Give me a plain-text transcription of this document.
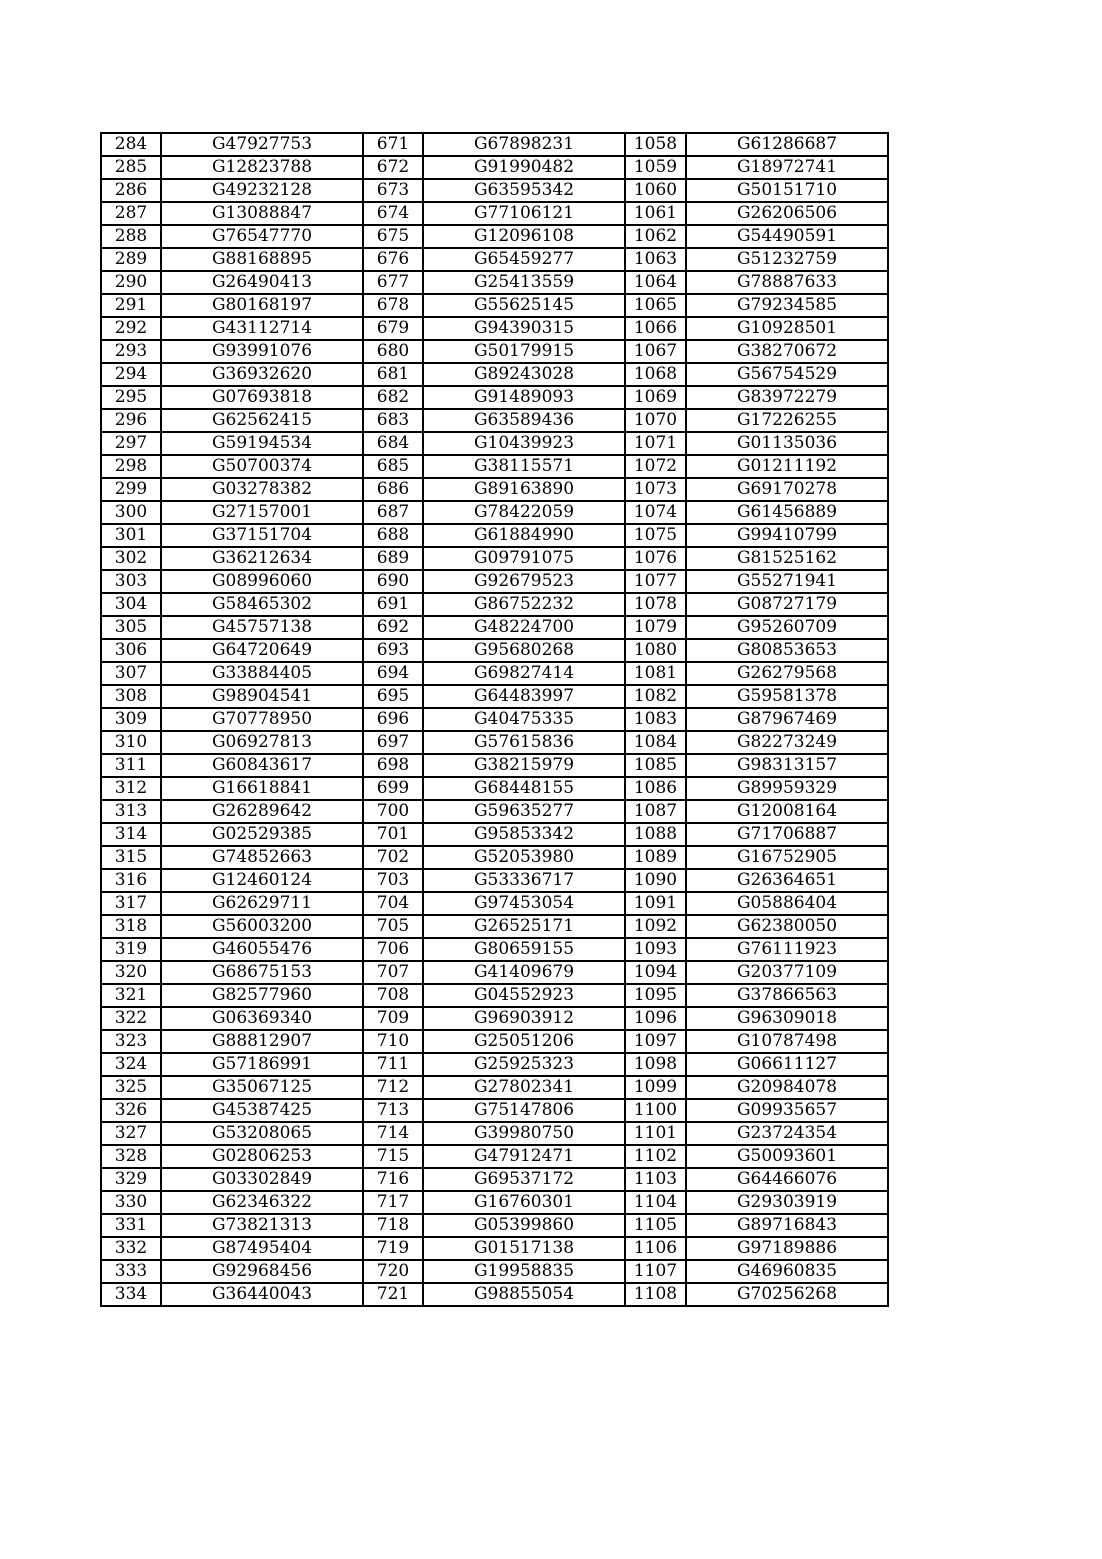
284	G47927753	671	G67898231	1058	G61286687
285	G12823788	672	G91990482	1059	G18972741
286	G49232128	673	G63595342	1060	G50151710
287	G13088847	674	G77106121	1061	G26206506
288	G76547770	675	G12096108	1062	G54490591
289	G88168895	676	G65459277	1063	G51232759
290	G26490413	677	G25413559	1064	G78887633
291	G80168197	678	G55625145	1065	G79234585
292	G43112714	679	G94390315	1066	G10928501
293	G93991076	680	G50179915	1067	G38270672
294	G36932620	681	G89243028	1068	G56754529
295	G07693818	682	G91489093	1069	G83972279
296	G62562415	683	G63589436	1070	G17226255
297	G59194534	684	G10439923	1071	G01135036
298	G50700374	685	G38115571	1072	G01211192
299	G03278382	686	G89163890	1073	G69170278
300	G27157001	687	G78422059	1074	G61456889
301	G37151704	688	G61884990	1075	G99410799
302	G36212634	689	G09791075	1076	G81525162
303	G08996060	690	G92679523	1077	G55271941
304	G58465302	691	G86752232	1078	G08727179
305	G45757138	692	G48224700	1079	G95260709
306	G64720649	693	G95680268	1080	G80853653
307	G33884405	694	G69827414	1081	G26279568
308	G98904541	695	G64483997	1082	G59581378
309	G70778950	696	G40475335	1083	G87967469
310	G06927813	697	G57615836	1084	G82273249
311	G60843617	698	G38215979	1085	G98313157
312	G16618841	699	G68448155	1086	G89959329
313	G26289642	700	G59635277	1087	G12008164
314	G02529385	701	G95853342	1088	G71706887
315	G74852663	702	G52053980	1089	G16752905
316	G12460124	703	G53336717	1090	G26364651
317	G62629711	704	G97453054	1091	G05886404
318	G56003200	705	G26525171	1092	G62380050
319	G46055476	706	G80659155	1093	G76111923
320	G68675153	707	G41409679	1094	G20377109
321	G82577960	708	G04552923	1095	G37866563
322	G06369340	709	G96903912	1096	G96309018
323	G88812907	710	G25051206	1097	G10787498
324	G57186991	711	G25925323	1098	G06611127
325	G35067125	712	G27802341	1099	G20984078
326	G45387425	713	G75147806	1100	G09935657
327	G53208065	714	G39980750	1101	G23724354
328	G02806253	715	G47912471	1102	G50093601
329	G03302849	716	G69537172	1103	G64466076
330	G62346322	717	G16760301	1104	G29303919
331	G73821313	718	G05399860	1105	G89716843
332	G87495404	719	G01517138	1106	G97189886
333	G92968456	720	G19958835	1107	G46960835
334	G36440043	721	G98855054	1108	G70256268
